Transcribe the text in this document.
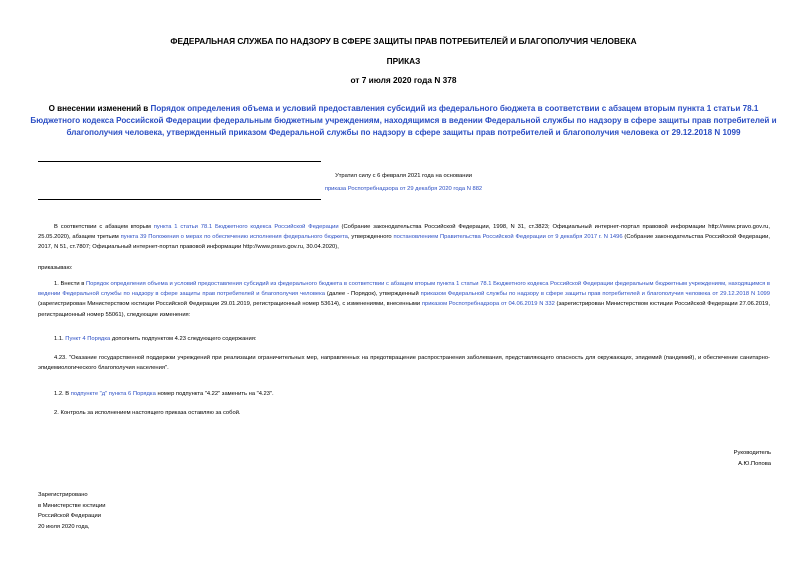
ФЕДЕРАЛЬНАЯ СЛУЖБА ПО НАДЗОРУ В СФЕРЕ ЗАЩИТЫ ПРАВ ПОТРЕБИТЕЛЕЙ И БЛАГОПОЛУЧИЯ ЧЕЛОВЕКА
ПРИКАЗ
от 7 июля 2020 года N 378
О внесении изменений в Порядок определения объема и условий предоставления субсидий из федерального бюджета в соответствии с абзацем вторым пункта 1 статьи 78.1 Бюджетного кодекса Российской Федерации федеральным бюджетным учреждениям, находящимся в ведении Федеральной службы по надзору в сфере защиты прав потребителей и благополучия человека, утвержденный приказом Федеральной службы по надзору в сфере защиты прав потребителей и благополучия человека от 29.12.2018 N 1099
Утратил силу с 6 февраля 2021 года на основании
приказа Роспотребнадзора от 29 декабря 2020 года N 882
В соответствии с абзацем вторым пункта 1 статьи 78.1 Бюджетного кодекса Российской Федерации (Собрание законодательства Российской Федерации, 1998, N 31, ст.3823; Официальный интернет-портал правовой информации http://www.pravo.gov.ru, 25.05.2020), абзацем третьим пункта 39 Положения о мерах по обеспечению исполнения федерального бюджета, утвержденного постановлением Правительства Российской Федерации от 9 декабря 2017 г. N 1496 (Собрание законодательства Российской Федерации, 2017, N 51, ст.7807; Официальный интернет-портал правовой информации http://www.pravo.gov.ru, 30.04.2020),
приказываю:
1. Внести в Порядок определения объема и условий предоставления субсидий из федерального бюджета в соответствии с абзацем вторым пункта 1 статьи 78.1 Бюджетного кодекса Российской Федерации федеральным бюджетным учреждениям, находящимся в ведении Федеральной службы по надзору в сфере защиты прав потребителей и благополучия человека (далее - Порядок), утвержденный приказом Федеральной службы по надзору в сфере защиты прав потребителей и благополучия человека от 29.12.2018 N 1099 (зарегистрирован Министерством юстиции Российской Федерации 29.01.2019, регистрационный номер 53614), с изменениями, внесенными приказом Роспотребнадзора от 04.06.2019 N 332 (зарегистрирован Министерством юстиции Российской Федерации 27.06.2019, регистрационный номер 55061), следующие изменения:
1.1. Пункт 4 Порядка дополнить подпунктом 4.23 следующего содержания:
4.23. "Оказание государственной поддержки учреждений при реализации ограничительных мер, направленных на предотвращение распространения заболевания, представляющего опасность для окружающих, эпидемий (пандемий), и обеспечение санитарно-эпидемиологического благополучия населения".
1.2. В подпункте "д" пункта 6 Порядка номер подпункта "4.22" заменить на "4.23".
2. Контроль за исполнением настоящего приказа оставляю за собой.
Руководитель
А.Ю.Попова
Зарегистрировано
в Министерстве юстиции
Российской Федерации
20 июля 2020 года,
